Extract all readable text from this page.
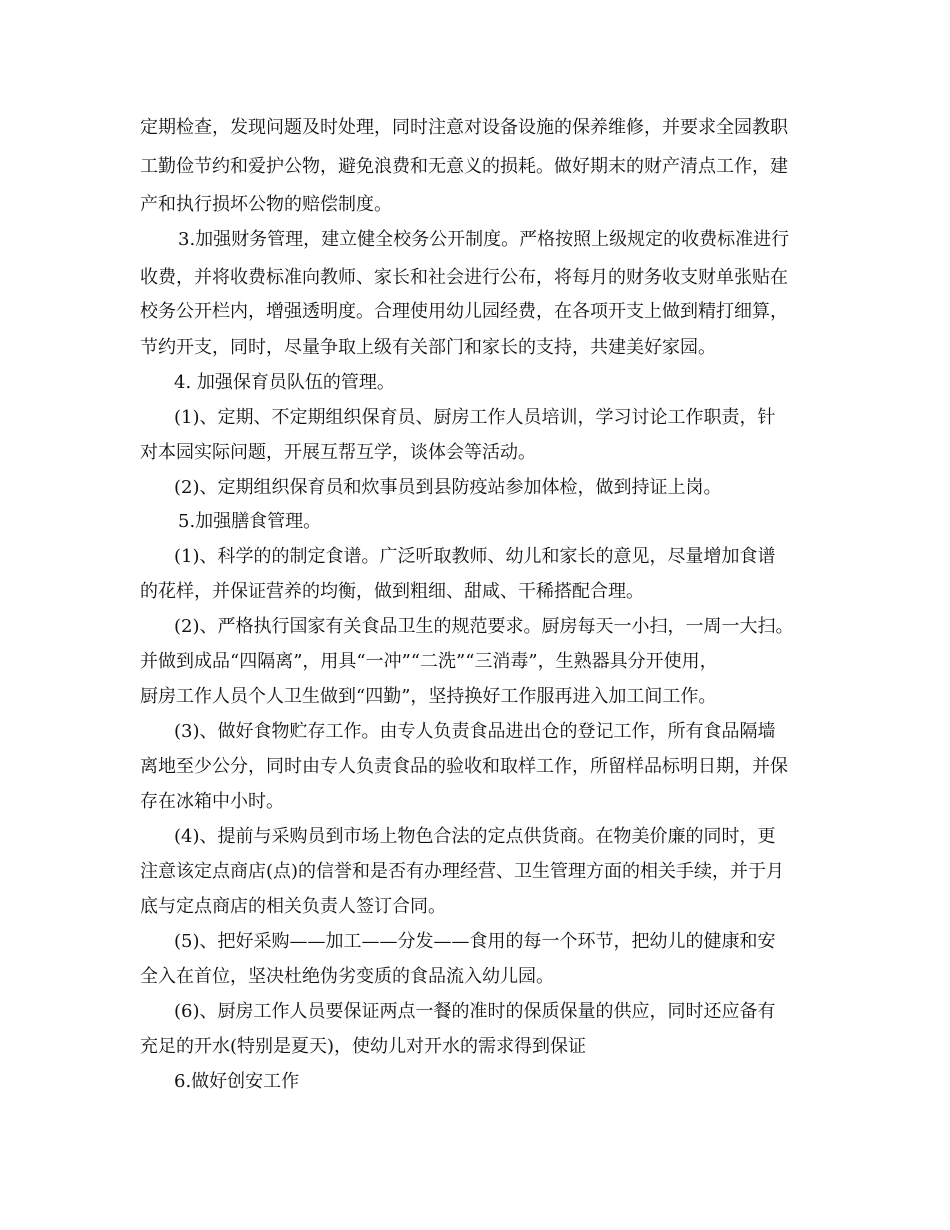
定期检查，发现问题及时处理，同时注意对设备设施的保养维修，并要求全园教职

工勤俭节约和爱护公物，避免浪费和无意义的损耗。做好期末的财产清点工作，建

产和执行损坏公物的赔偿制度。

3.加强财务管理，建立健全校务公开制度。严格按照上级规定的收费标准进行

收费，并将收费标准向教师、家长和社会进行公布，将每月的财务收支财单张贴在

校务公开栏内，增强透明度。合理使用幼儿园经费，在各项开支上做到精打细算，

节约开支，同时，尽量争取上级有关部门和家长的支持，共建美好家园。

4. 加强保育员队伍的管理。

(1)、定期、不定期组织保育员、厨房工作人员培训，学习讨论工作职责，针

对本园实际问题，开展互帮互学，谈体会等活动。

(2)、定期组织保育员和炊事员到县防疫站参加体检，做到持证上岗。

5.加强膳食管理。

(1)、科学的的制定食谱。广泛听取教师、幼儿和家长的意见，尽量增加食谱

的花样，并保证营养的均衡，做到粗细、甜咸、干稀搭配合理。

(2)、严格执行国家有关食品卫生的规范要求。厨房每天一小扫，一周一大扫。

并做到成品“四隔离”，用具“一冲”“二洗”“三消毒”，生熟器具分开使用，

厨房工作人员个人卫生做到“四勤”，坚持换好工作服再进入加工间工作。

(3)、做好食物贮存工作。由专人负责食品进出仓的登记工作，所有食品隔墙

离地至少公分，同时由专人负责食品的验收和取样工作，所留样品标明日期，并保

存在冰箱中小时。

(4)、提前与采购员到市场上物色合法的定点供货商。在物美价廉的同时，更

注意该定点商店(点)的信誉和是否有办理经营、卫生管理方面的相关手续，并于月

底与定点商店的相关负责人签订合同。

(5)、把好采购——加工——分发——食用的每一个环节，把幼儿的健康和安

全入在首位，坚决杜绝伪劣变质的食品流入幼儿园。

(6)、厨房工作人员要保证两点一餐的准时的保质保量的供应，同时还应备有

充足的开水(特别是夏天)，使幼儿对开水的需求得到保证

6.做好创安工作
